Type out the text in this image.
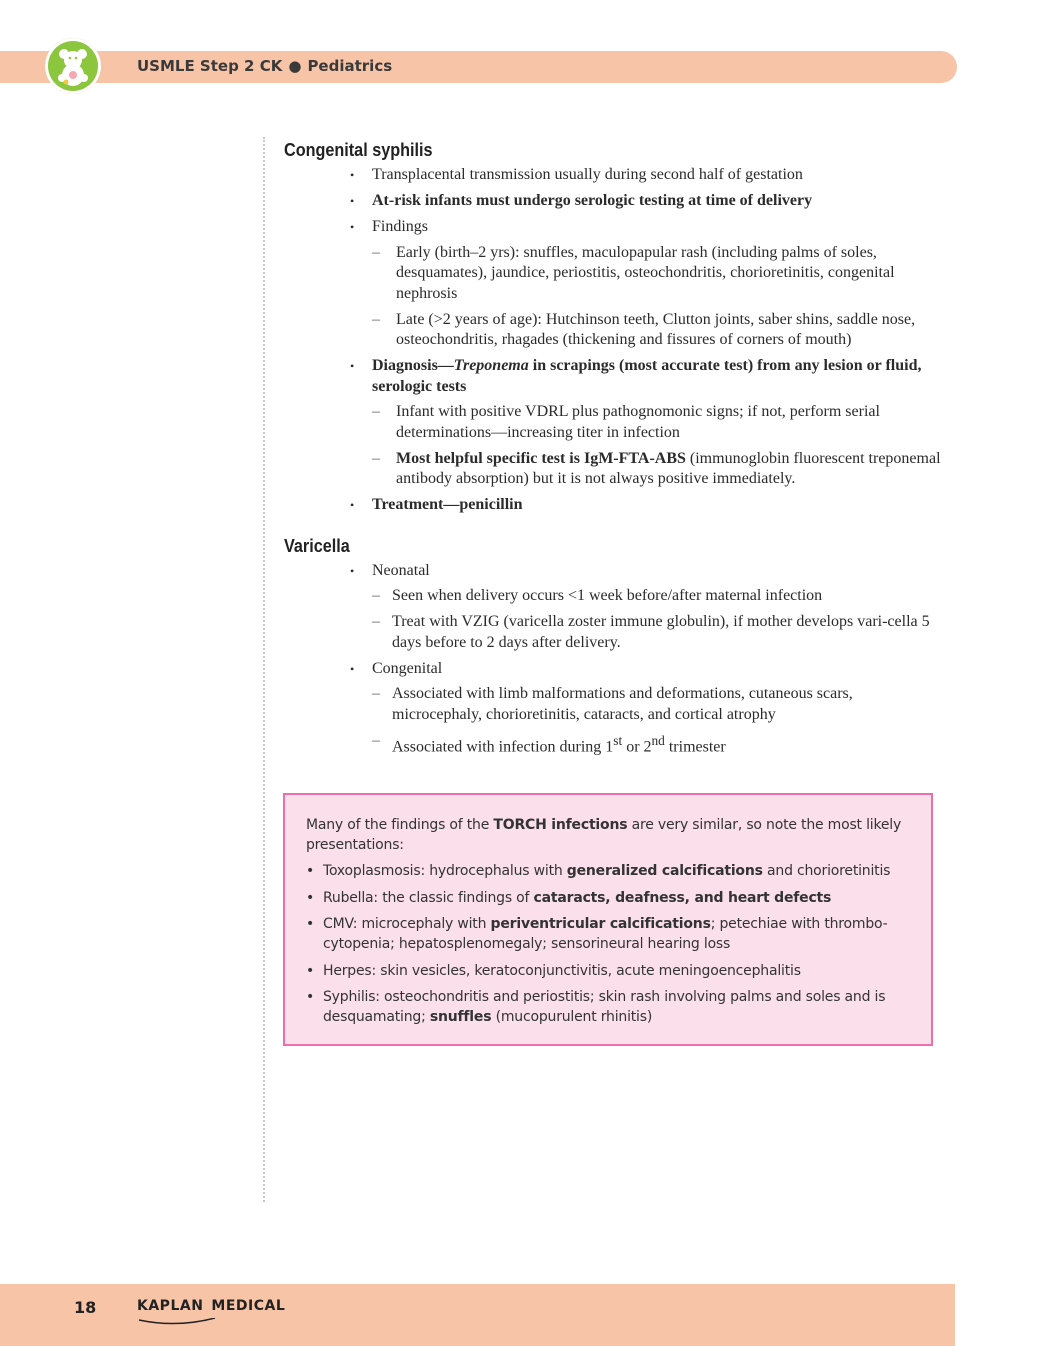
USMLE Step 2 CK ● Pediatrics
Congenital syphilis
• Transplacental transmission usually during second half of gestation
• At-risk infants must undergo serologic testing at time of delivery
• Findings
– Early (birth–2 yrs): snuffles, maculopapular rash (including palms of soles, desquamates), jaundice, periostitis, osteochondritis, chorioretinitis, congenital nephrosis
– Late (>2 years of age): Hutchinson teeth, Clutton joints, saber shins, saddle nose, osteochondritis, rhagades (thickening and fissures of corners of mouth)
• Diagnosis—Treponema in scrapings (most accurate test) from any lesion or fluid, serologic tests
– Infant with positive VDRL plus pathognomonic signs; if not, perform serial determinations—increasing titer in infection
– Most helpful specific test is IgM-FTA-ABS (immunoglobin fluorescent treponemal antibody absorption) but it is not always positive immediately.
• Treatment—penicillin
Varicella
• Neonatal
– Seen when delivery occurs <1 week before/after maternal infection
– Treat with VZIG (varicella zoster immune globulin), if mother develops vari-cella 5 days before to 2 days after delivery.
• Congenital
– Associated with limb malformations and deformations, cutaneous scars, microcephaly, chorioretinitis, cataracts, and cortical atrophy
– Associated with infection during 1st or 2nd trimester

Many of the findings of the TORCH infections are very similar, so note the most likely presentations:

• Toxoplasmosis: hydrocephalus with generalized calcifications and chorioretinitis
• Rubella: the classic findings of cataracts, deafness, and heart defects
• CMV: microcephaly with periventricular calcifications; petechiae with thrombo-cytopenia; hepatosplenomegaly; sensorineural hearing loss
• Herpes: skin vesicles, keratoconjunctivitis, acute meningoencephalitis
• Syphilis: osteochondritis and periostitis; skin rash involving palms and soles and is desquamating; snuffles (mucopurulent rhinitis)
18	KAPLAN MEDICAL
